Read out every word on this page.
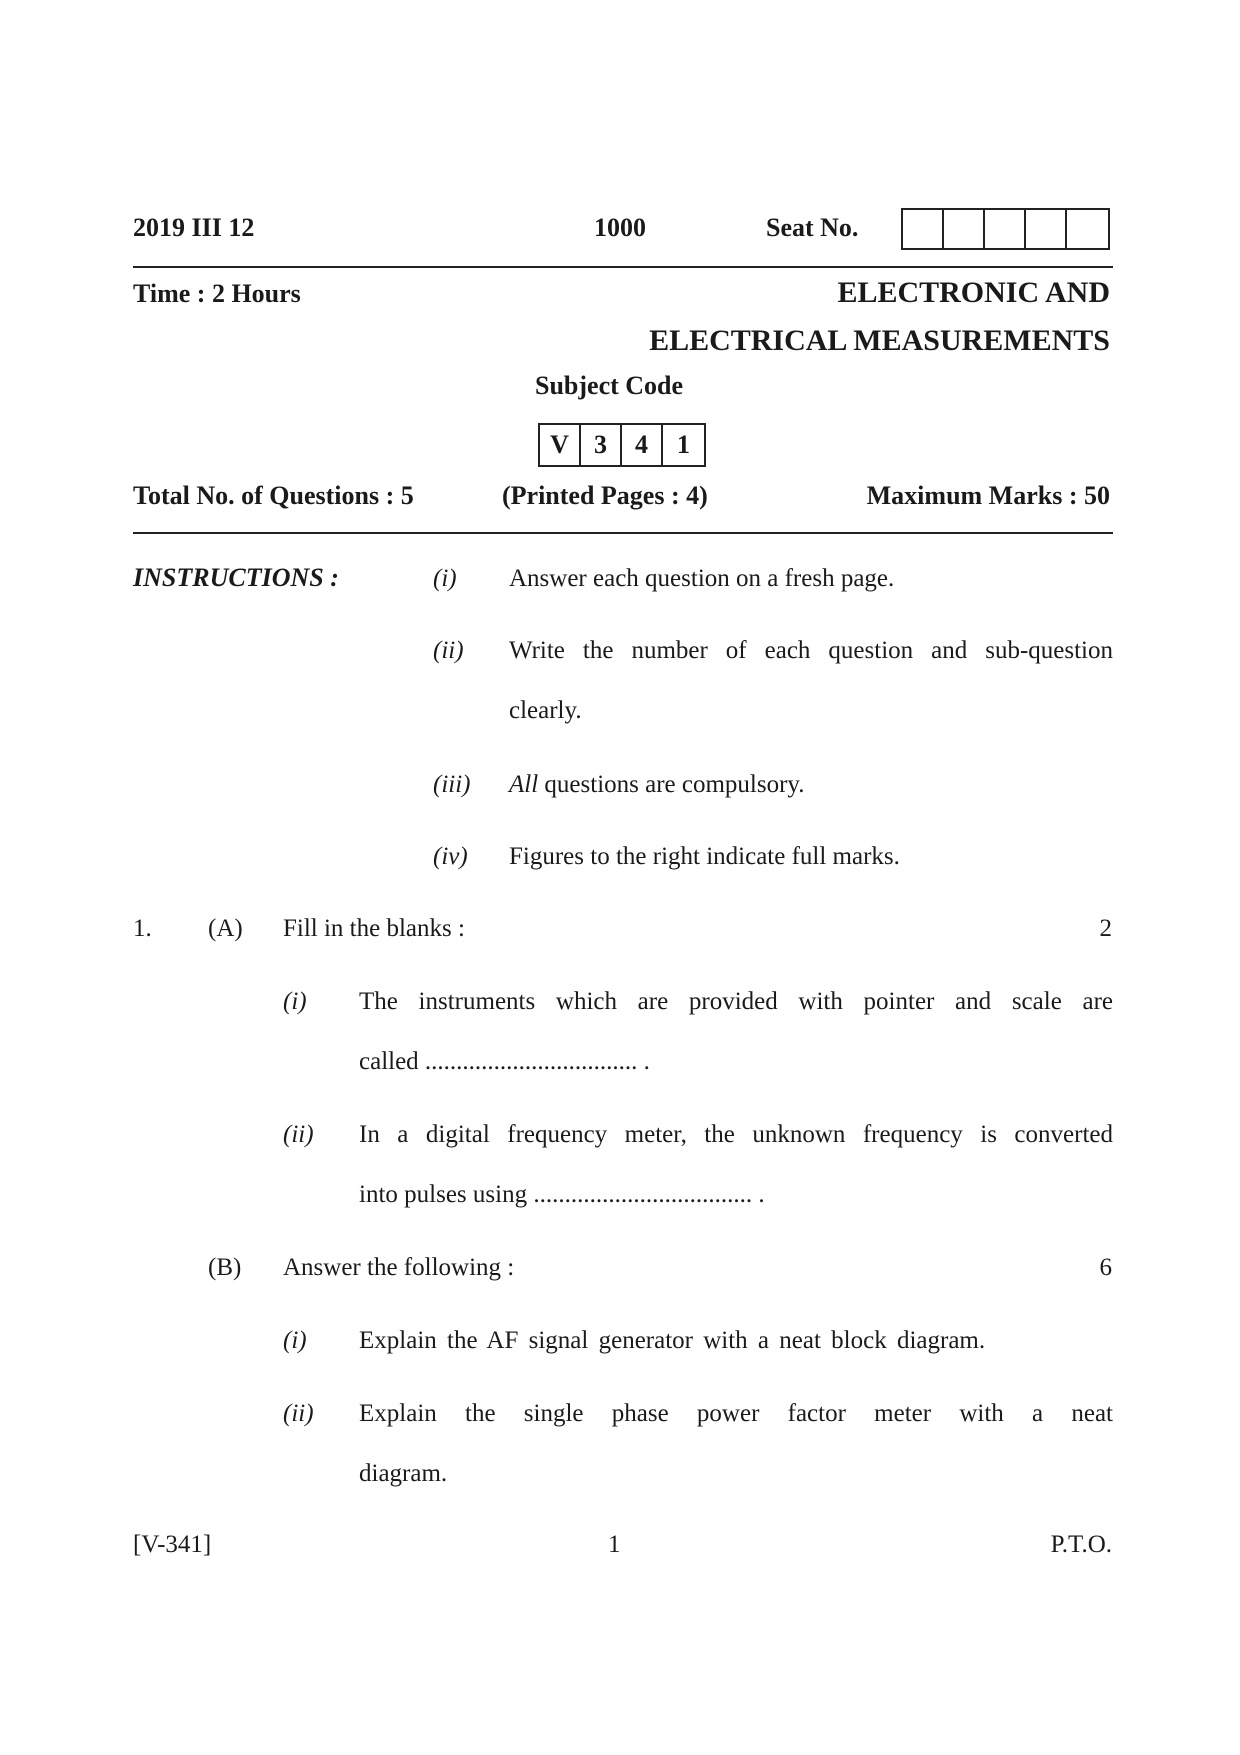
2019 III 12	1000	Seat No.
Time : 2 Hours	ELECTRONIC AND
ELECTRICAL MEASUREMENTS
Subject Code
V 3	4	1
Total No. of Questions : 5	(Printed Pages : 4)	Maximum Marks : 50
INSTRUCTIONS :	(i) Answer each question on a fresh page.
(ii) Write the number of each question and sub-question
clearly.
(iii) All questions are compulsory.
(iv) Figures to the right indicate full marks.
1. (A) Fill in the blanks :	2
(i) The instruments which are provided with pointer and scale are
called .................................. .
(ii) In a digital frequency meter, the unknown frequency is converted
into pulses using ................................... .
(B) Answer the following :	6
(i) Explain the AF signal generator with a neat block diagram.
(ii) Explain the single phase power factor meter with a neat
diagram.
[V-341]	1	P.T.O.
